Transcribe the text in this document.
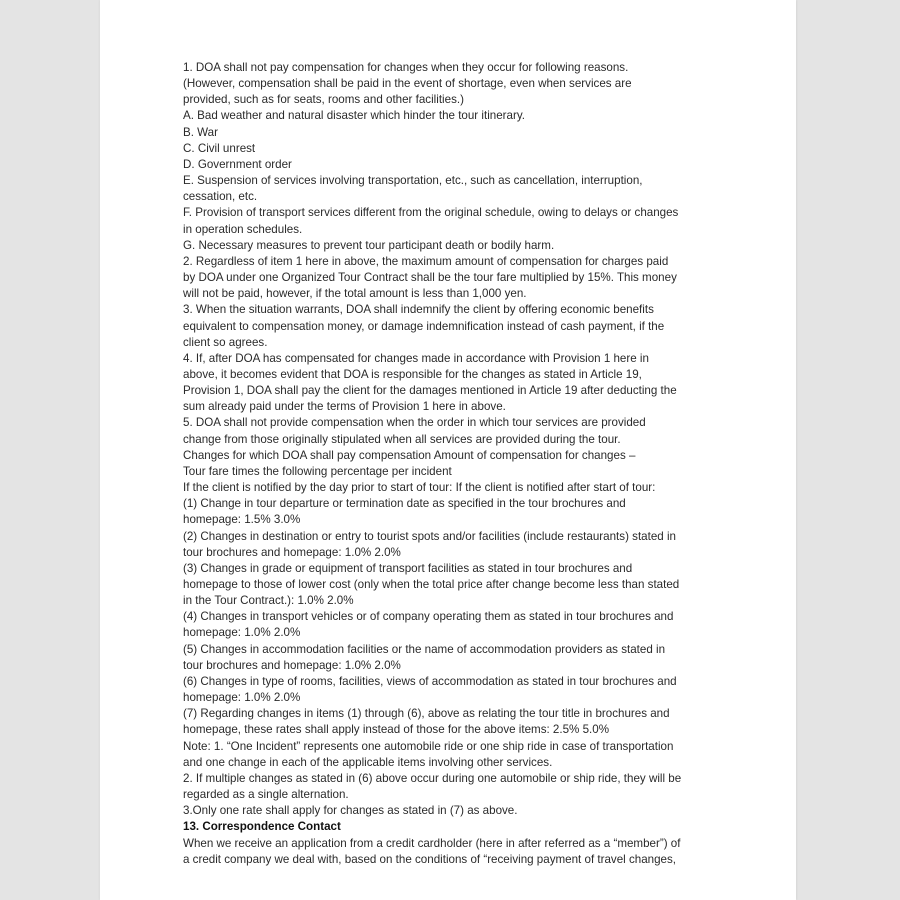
1. DOA shall not pay compensation for changes when they occur for following reasons.
(However, compensation shall be paid in the event of shortage, even when services are
provided, such as for seats, rooms and other facilities.)
A. Bad weather and natural disaster which hinder the tour itinerary.
B. War
C. Civil unrest
D. Government order
E. Suspension of services involving transportation, etc., such as cancellation, interruption,
cessation, etc.
F. Provision of transport services different from the original schedule, owing to delays or changes
in operation schedules.
G. Necessary measures to prevent tour participant death or bodily harm.
2. Regardless of item 1 here in above, the maximum amount of compensation for charges paid
by DOA under one Organized Tour Contract shall be the tour fare multiplied by 15%. This money
will not be paid, however, if the total amount is less than 1,000 yen.
3. When the situation warrants, DOA shall indemnify the client by offering economic benefits
equivalent to compensation money, or damage indemnification instead of cash payment, if the
client so agrees.
4. If, after DOA has compensated for changes made in accordance with Provision 1 here in
above, it becomes evident that DOA is responsible for the changes as stated in Article 19,
Provision 1, DOA shall pay the client for the damages mentioned in Article 19 after deducting the
sum already paid under the terms of Provision 1 here in above.
5. DOA shall not provide compensation when the order in which tour services are provided
change from those originally stipulated when all services are provided during the tour.
Changes for which DOA shall pay compensation Amount of compensation for changes –
Tour fare times the following percentage per incident
If the client is notified by the day prior to start of tour: If the client is notified after start of tour:
(1) Change in tour departure or termination date as specified in the tour brochures and
homepage: 1.5% 3.0%
(2) Changes in destination or entry to tourist spots and/or facilities (include restaurants) stated in
tour brochures and homepage: 1.0% 2.0%
(3) Changes in grade or equipment of transport facilities as stated in tour brochures and
homepage to those of lower cost (only when the total price after change become less than stated
in the Tour Contract.): 1.0% 2.0%
(4) Changes in transport vehicles or of company operating them as stated in tour brochures and
homepage: 1.0% 2.0%
(5) Changes in accommodation facilities or the name of accommodation providers as stated in
tour brochures and homepage: 1.0% 2.0%
(6) Changes in type of rooms, facilities, views of accommodation as stated in tour brochures and
homepage: 1.0% 2.0%
(7) Regarding changes in items (1) through (6), above as relating the tour title in brochures and
homepage, these rates shall apply instead of those for the above items: 2.5% 5.0%
Note: 1. “One Incident” represents one automobile ride or one ship ride in case of transportation
and one change in each of the applicable items involving other services.
2. If multiple changes as stated in (6) above occur during one automobile or ship ride, they will be
regarded as a single alternation.
3.Only one rate shall apply for changes as stated in (7) as above.
13. Correspondence Contact
When we receive an application from a credit cardholder (here in after referred as a “member”) of
a credit company we deal with, based on the conditions of “receiving payment of travel changes,
